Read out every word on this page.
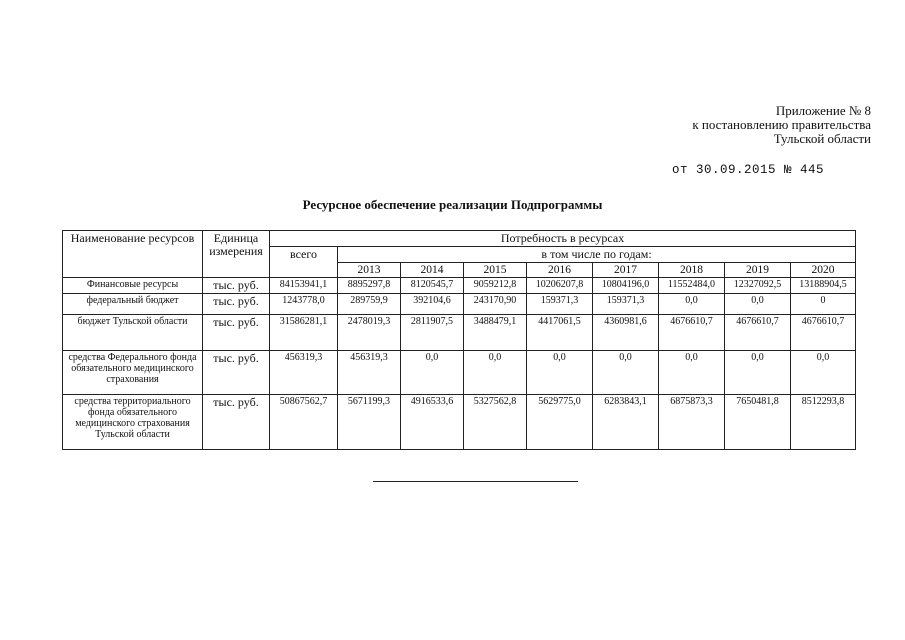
Приложение № 8
к постановлению правительства
Тульской области
от 30.09.2015 № 445
Ресурсное обеспечение реализации Подпрограммы
Наименование ресурсов	Единица измерения	Потребность в ресурсах								
		всего	в том числе по годам:							
			2013	2014	2015	2016	2017	2018	2019	2020
Финансовые ресурсы	тыс. руб.	84153941,1	8895297,8	8120545,7	9059212,8	10206207,8	10804196,0	11552484,0	12327092,5	13188904,5
федеральный бюджет	тыс. руб.	1243778,0	289759,9	392104,6	243170,90	159371,3	159371,3	0,0	0,0	0
бюджет Тульской области	тыс. руб.	31586281,1	2478019,3	2811907,5	3488479,1	4417061,5	4360981,6	4676610,7	4676610,7	4676610,7
средства Федерального фонда обязательного медицинского страхования	тыс. руб.	456319,3	456319,3	0,0	0,0	0,0	0,0	0,0	0,0	0,0
средства территориального фонда обязательного медицинского страхования Тульской области	тыс. руб.	50867562,7	5671199,3	4916533,6	5327562,8	5629775,0	6283843,1	6875873,3	7650481,8	8512293,8
